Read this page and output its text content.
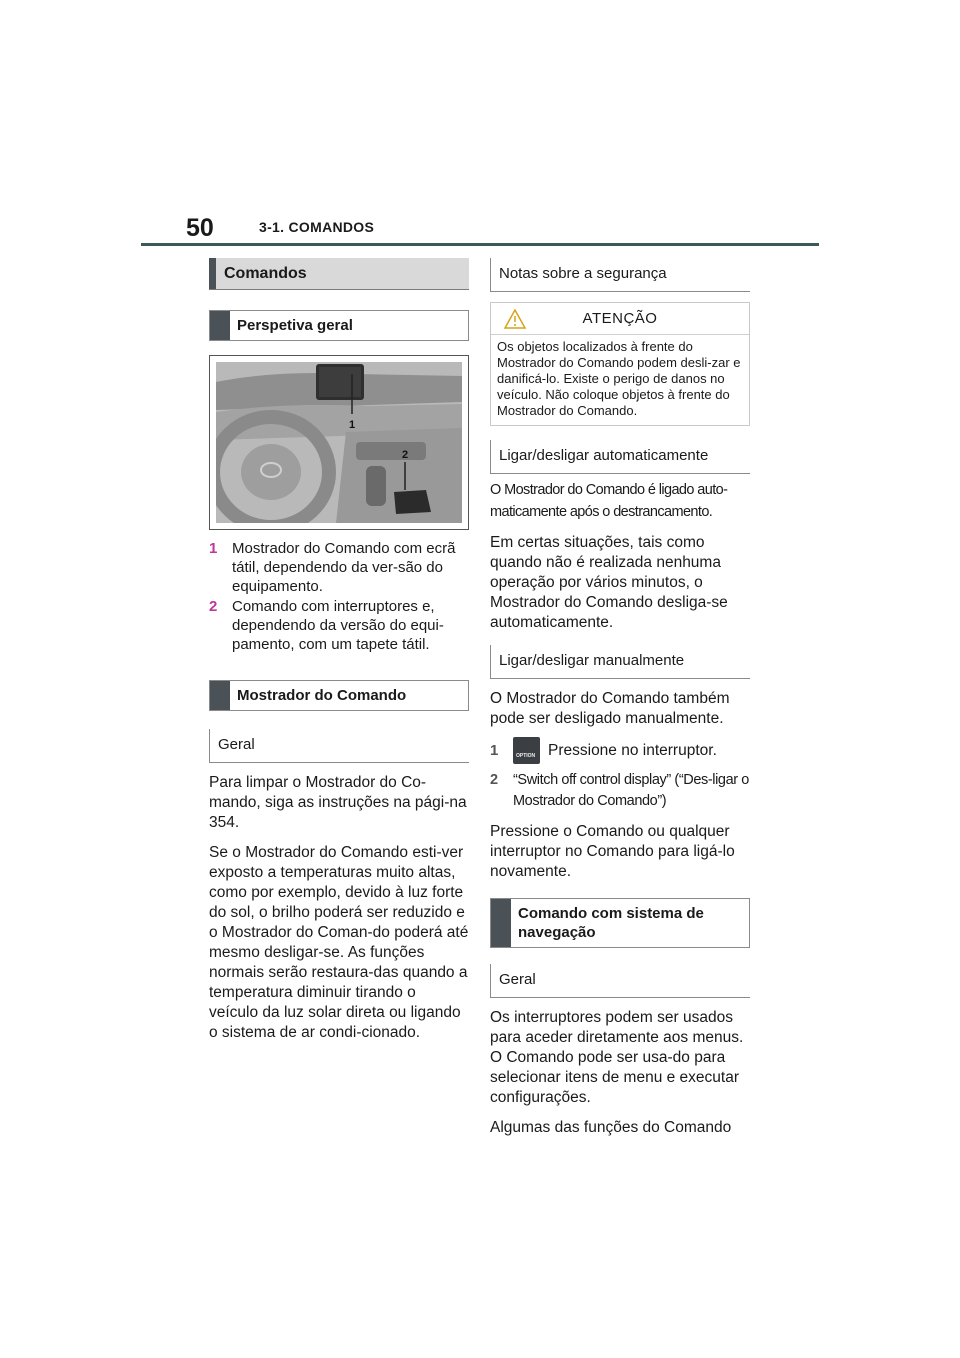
50	3-1. COMANDOS
Comandos
Perspetiva geral
1
2
1 Mostrador do Comando com ecrã tátil, dependendo da ver-são do equipamento.
2 Comando com interruptores e, dependendo da versão do equi-pamento, com um tapete tátil.
Mostrador do Comando
Geral
Para limpar o Mostrador do Co-mando, siga as instruções na pági-na 354.
Se o Mostrador do Comando esti-ver exposto a temperaturas muito altas, como por exemplo, devido à luz forte do sol, o brilho poderá ser reduzido e o Mostrador do Coman-do poderá até mesmo desligar-se. As funções normais serão restaura-das quando a temperatura diminuir tirando o veículo da luz solar direta ou ligando o sistema de ar condi-cionado.
Notas sobre a segurança
ATENÇÃO
Os objetos localizados à frente do Mostrador do Comando podem desli-zar e danificá-lo. Existe o perigo de danos no veículo. Não coloque objetos à frente do Mostrador do Comando.
Ligar/desligar automaticamente
O Mostrador do Comando é ligado auto-maticamente após o destrancamento.
Em certas situações, tais como quando não é realizada nenhuma operação por vários minutos, o Mostrador do Comando desliga-se automaticamente.
Ligar/desligar manualmente
O Mostrador do Comando também pode ser desligado manualmente.
1	OPTION Pressione no interruptor.
2	“Switch off control display” (“Des-ligar o Mostrador do Comando”)
Pressione o Comando ou qualquer interruptor no Comando para ligá-lo novamente.
Comando com sistema de navegação
Geral
Os interruptores podem ser usados para aceder diretamente aos menus. O Comando pode ser usa-do para selecionar itens de menu e executar configurações.
Algumas das funções do Comando
